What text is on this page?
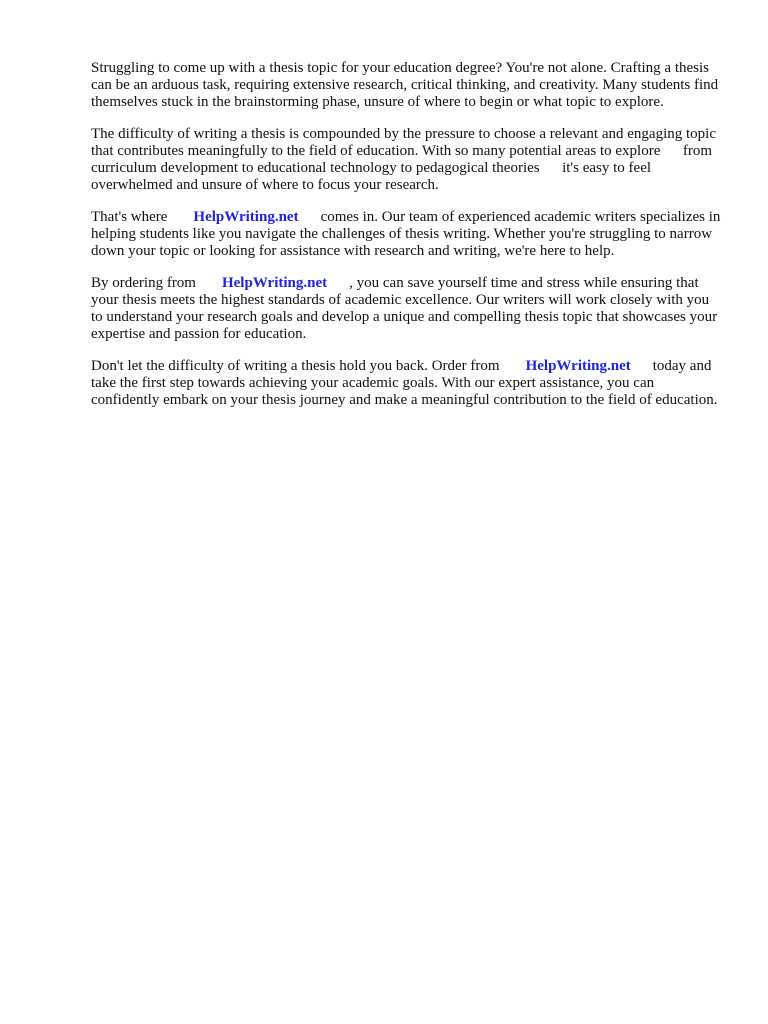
Struggling to come up with a thesis topic for your education degree? You're not alone. Crafting a thesis can be an arduous task, requiring extensive research, critical thinking, and creativity. Many students find themselves stuck in the brainstorming phase, unsure of where to begin or what topic to explore.

The difficulty of writing a thesis is compounded by the pressure to choose a relevant and engaging topic that contributes meaningfully to the field of education. With so many potential areas to explore   from curriculum development to educational technology to pedagogical theories   it's easy to feel overwhelmed and unsure of where to focus your research.

That's where HelpWriting.net comes in. Our team of experienced academic writers specializes in helping students like you navigate the challenges of thesis writing. Whether you're struggling to narrow down your topic or looking for assistance with research and writing, we're here to help.

By ordering from HelpWriting.net , you can save yourself time and stress while ensuring that your thesis meets the highest standards of academic excellence. Our writers will work closely with you to understand your research goals and develop a unique and compelling thesis topic that showcases your expertise and passion for education.

Don't let the difficulty of writing a thesis hold you back. Order from HelpWriting.net today and take the first step towards achieving your academic goals. With our expert assistance, you can confidently embark on your thesis journey and make a meaningful contribution to the field of education.
